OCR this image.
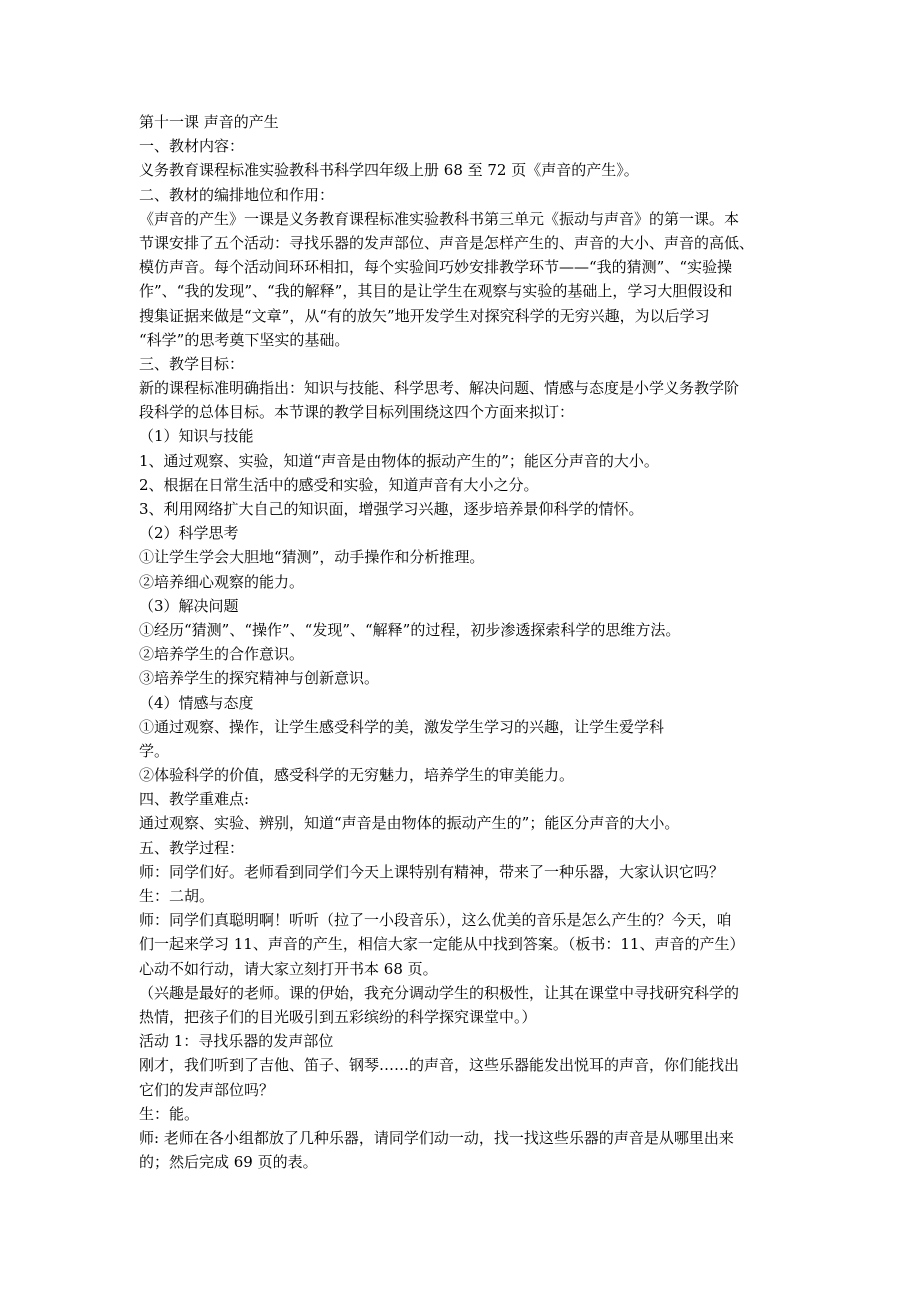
第十一课 声音的产生
一、教材内容：
义务教育课程标准实验教科书科学四年级上册 68 至 72 页《声音的产生》。
二、教材的编排地位和作用：
《声音的产生》一课是义务教育课程标准实验教科书第三单元《振动与声音》的第一课。本
节课安排了五个活动：寻找乐器的发声部位、声音是怎样产生的、声音的大小、声音的高低、
模仿声音。每个活动间环环相扣，每个实验间巧妙安排教学环节——“我的猜测”、“实验操
作”、“我的发现”、“我的解释”，其目的是让学生在观察与实验的基础上，学习大胆假设和
搜集证据来做是“文章”，从“有的放矢”地开发学生对探究科学的无穷兴趣，为以后学习
“科学”的思考奠下坚实的基础。
三、教学目标：
新的课程标准明确指出：知识与技能、科学思考、解决问题、情感与态度是小学义务教学阶
段科学的总体目标。本节课的教学目标列围绕这四个方面来拟订：
（1）知识与技能
1、通过观察、实验，知道“声音是由物体的振动产生的”；能区分声音的大小。
2、根据在日常生活中的感受和实验，知道声音有大小之分。
3、利用网络扩大自己的知识面，增强学习兴趣，逐步培养景仰科学的情怀。
（2）科学思考
①让学生学会大胆地“猜测”，动手操作和分析推理。
②培养细心观察的能力。
（3）解决问题
①经历“猜测”、“操作”、“发现”、“解释”的过程，初步渗透探索科学的思维方法。
②培养学生的合作意识。
③培养学生的探究精神与创新意识。
（4）情感与态度
①通过观察、操作，让学生感受科学的美，激发学生学习的兴趣，让学生爱学科
学。
②体验科学的价值，感受科学的无穷魅力，培养学生的审美能力。
四、教学重难点:
通过观察、实验、辨别，知道“声音是由物体的振动产生的”；能区分声音的大小。
五、教学过程：
师：同学们好。老师看到同学们今天上课特别有精神，带来了一种乐器，大家认识它吗？
生：二胡。
师：同学们真聪明啊！听听（拉了一小段音乐），这么优美的音乐是怎么产生的？今天，咱
们一起来学习 11、声音的产生，相信大家一定能从中找到答案。（板书：11、声音的产生）
心动不如行动，请大家立刻打开书本 68 页。
（兴趣是最好的老师。课的伊始，我充分调动学生的积极性，让其在课堂中寻找研究科学的
热情，把孩子们的目光吸引到五彩缤纷的科学探究课堂中。）
活动 1：寻找乐器的发声部位
刚才，我们听到了吉他、笛子、钢琴……的声音，这些乐器能发出悦耳的声音，你们能找出
它们的发声部位吗？
生：能。
师: 老师在各小组都放了几种乐器，请同学们动一动，找一找这些乐器的声音是从哪里出来
的；然后完成 69 页的表。
